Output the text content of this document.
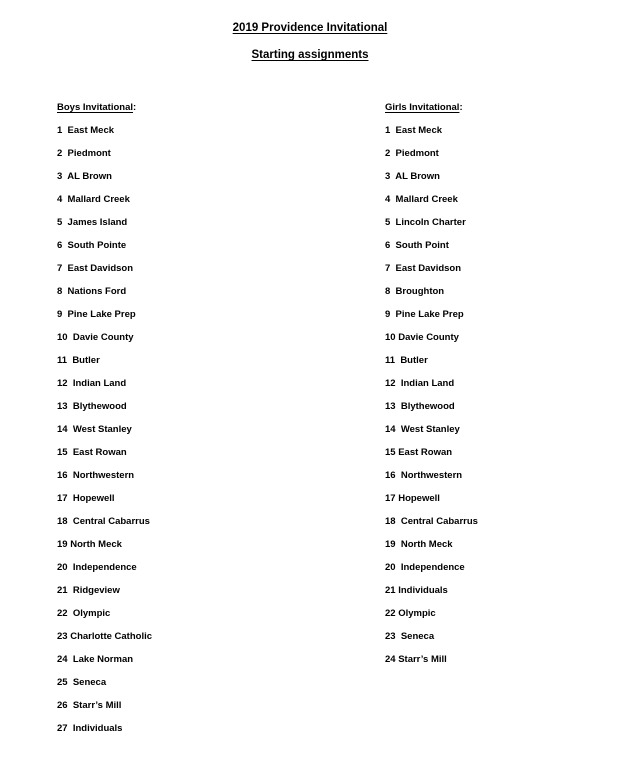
2019 Providence Invitational
Starting assignments
Boys Invitational:
1  East Meck
2  Piedmont
3  AL Brown
4  Mallard Creek
5  James Island
6  South Pointe
7  East Davidson
8  Nations Ford
9  Pine Lake Prep
10  Davie County
11  Butler
12  Indian Land
13  Blythewood
14  West Stanley
15  East Rowan
16  Northwestern
17  Hopewell
18  Central Cabarrus
19 North Meck
20  Independence
21  Ridgeview
22  Olympic
23 Charlotte Catholic
24  Lake Norman
25  Seneca
26  Starr’s Mill
27  Individuals
Girls Invitational:
1  East Meck
2  Piedmont
3  AL Brown
4  Mallard Creek
5  Lincoln Charter
6  South Point
7  East Davidson
8  Broughton
9  Pine Lake Prep
10 Davie County
11  Butler
12  Indian Land
13  Blythewood
14  West Stanley
15 East Rowan
16  Northwestern
17 Hopewell
18  Central Cabarrus
19  North Meck
20  Independence
21 Individuals
22 Olympic
23  Seneca
24 Starr’s Mill
